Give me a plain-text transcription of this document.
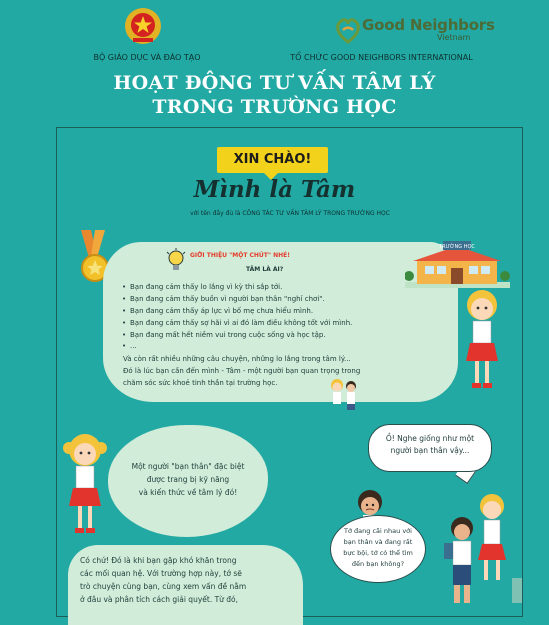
Good Neighbors
Vietnam
BỘ GIÁO DỤC VÀ ĐÀO TẠO	TỔ CHỨC GOOD NEIGHBORS INTERNATIONAL
HOẠT ĐỘNG TƯ VẤN TÂM LÝ
TRONG TRƯỜNG HỌC
XIN CHÀO!
Mình là Tâm
với tên đầy đủ là CÔNG TÁC TƯ VẤN TÂM LÝ TRONG TRƯỜNG HỌC
GIỚI THIỆU "MỘT CHÚT" NHÉ!
TÂM LÀ AI?
• Bạn đang cảm thấy lo lắng vì kỳ thi sắp tới.
• Bạn đang cảm thấy buồn vì người bạn thân "nghỉ chơi".
• Bạn đang cảm thấy áp lực vì bố mẹ chưa hiểu mình.
• Bạn đang cảm thấy sợ hãi vì ai đó làm điều không tốt với mình.
• Bạn đang mất hết niềm vui trong cuộc sống và học tập.
• ...
Và còn rất nhiều những câu chuyện, những lo lắng trong tâm lý...
Đó là lúc bạn cần đến mình - Tâm - một người bạn quan trọng trong
chăm sóc sức khoẻ tinh thần tại trường học.
TRƯỜNG HỌC
Một người "bạn thân" đặc biệt
được trang bị kỹ năng
và kiến thức về tâm lý đó!
Ồ! Nghe giống như một
người bạn thân vậy...
Tớ đang cãi nhau với
bạn thân và đang rất
bực bội, tớ có thể tìm
đến bạn không?
Có chứ! Đó là khi bạn gặp khó khăn trong
các mối quan hệ. Với trường hợp này, tớ sẽ
trò chuyện cùng bạn, cùng xem vấn đề nằm
ở đâu và phân tích cách giải quyết. Từ đó,
